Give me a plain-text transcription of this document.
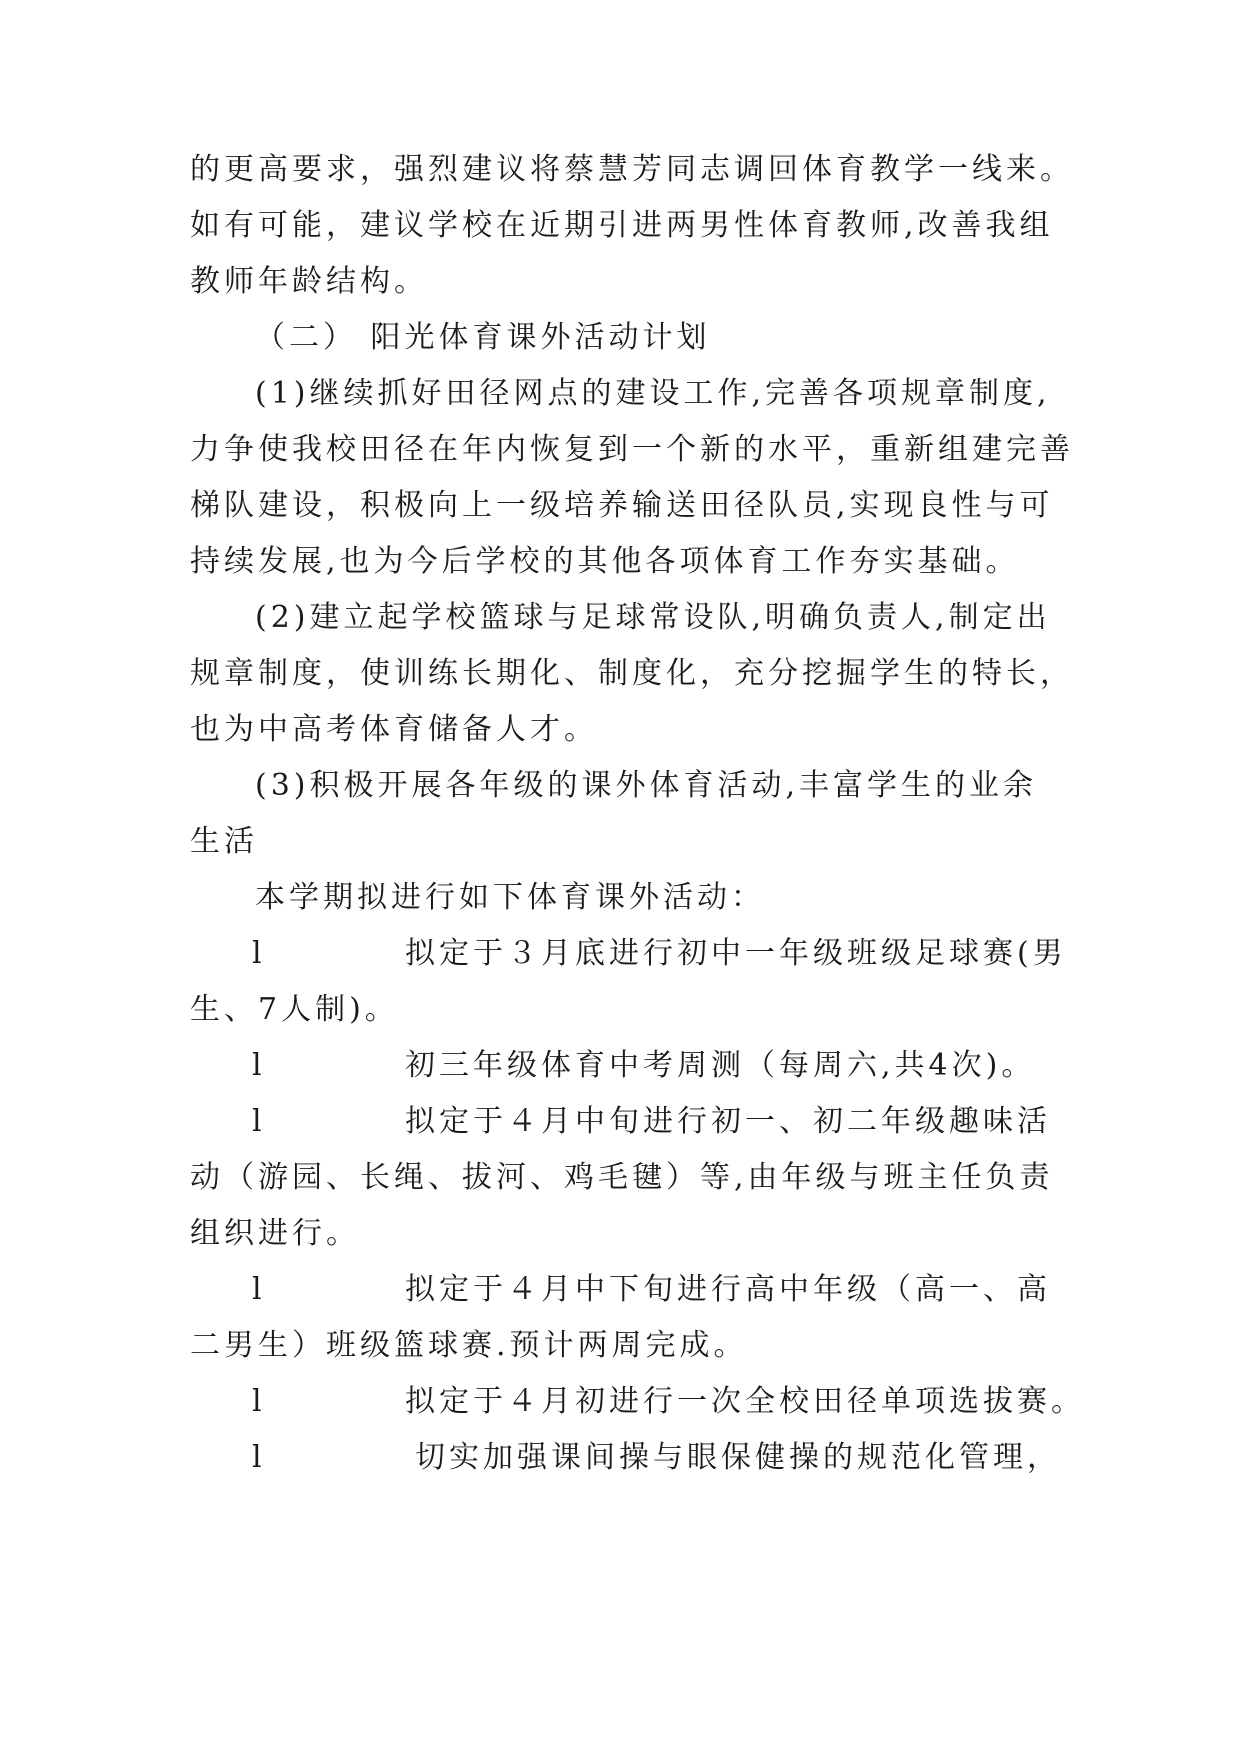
的更高要求，强烈建议将蔡慧芳同志调回体育教学一线来。
如有可能，建议学校在近期引进两男性体育教师,改善我组
教师年龄结构。
（二） 阳光体育课外活动计划
(1)继续抓好田径网点的建设工作,完善各项规章制度,
力争使我校田径在年内恢复到一个新的水平，重新组建完善
梯队建设，积极向上一级培养输送田径队员,实现良性与可
持续发展,也为今后学校的其他各项体育工作夯实基础。
(2)建立起学校篮球与足球常设队,明确负责人,制定出
规章制度，使训练长期化、制度化，充分挖掘学生的特长，
也为中高考体育储备人才。
(3)积极开展各年级的课外体育活动,丰富学生的业余
生活
本学期拟进行如下体育课外活动：
l	拟定于３月底进行初中一年级班级足球赛(男
生、7人制)。
l	初三年级体育中考周测（每周六,共4次)。
l	拟定于４月中旬进行初一、初二年级趣味活
动（游园、长绳、拔河、鸡毛毽）等,由年级与班主任负责
组织进行。
l	拟定于４月中下旬进行高中年级（高一、高
二男生）班级篮球赛.预计两周完成。
l	拟定于４月初进行一次全校田径单项选拔赛。
l	切实加强课间操与眼保健操的规范化管理，
